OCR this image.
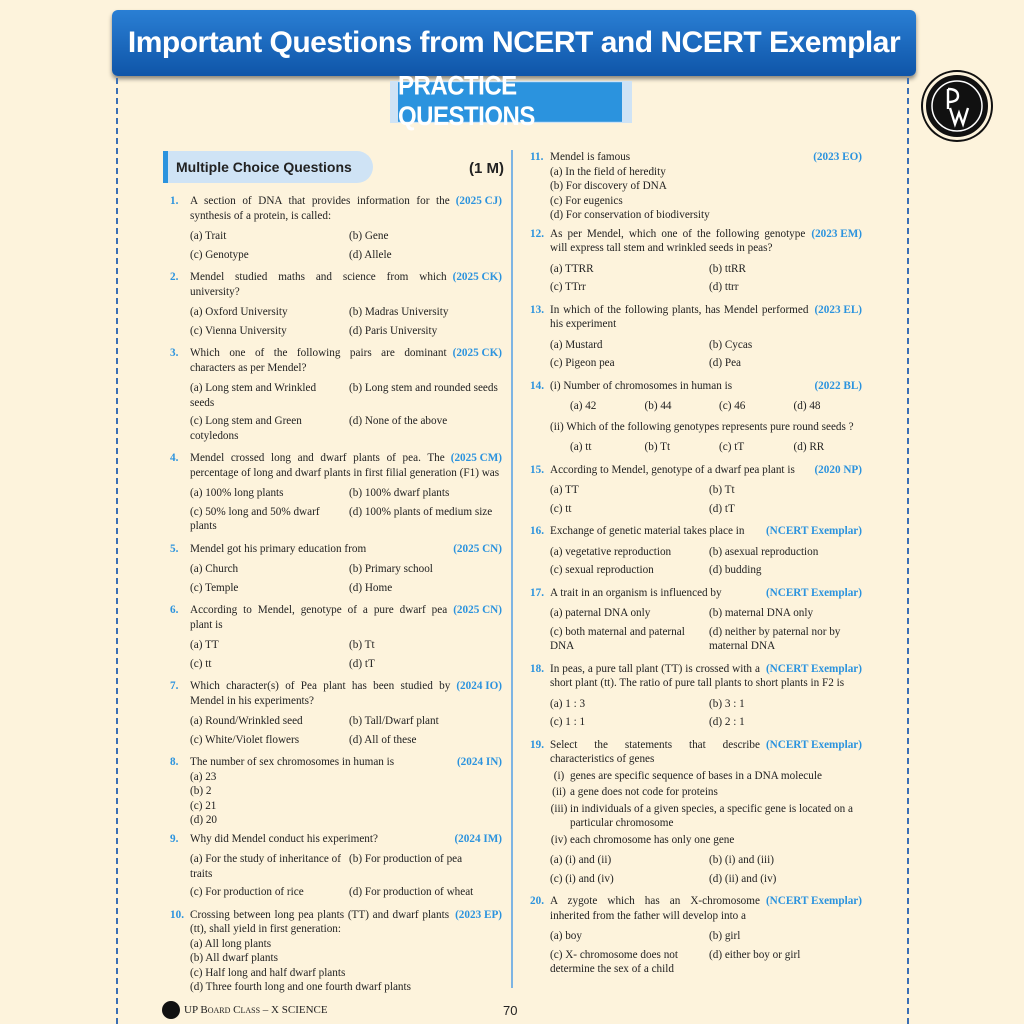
Important Questions from NCERT and NCERT Exemplar
PRACTICE QUESTIONS
Multiple Choice Questions	(1 M)
1.	(2025 CJ)
A section of DNA that provides information for the synthesis of a protein, is called:
(a) Trait	(b) Gene
(c) Genotype	(d) Allele
2.	(2025 CK)
Mendel studied maths and science from which university?
(a) Oxford University	(b) Madras University
(c) Vienna University	(d) Paris University
3.	(2025 CK)
Which one of the following pairs are dominant characters as per Mendel?
(a) Long stem and Wrinkled seeds
(b) Long stem and rounded seeds
(c) Long stem and Green cotyledons
(d) None of the above
4.	(2025 CM)
Mendel crossed long and dwarf plants of pea. The percentage of long and dwarf plants in first filial generation (F1) was
(a) 100% long plants	(b) 100% dwarf plants
(c) 50% long and 50% dwarf plants
(d) 100% plants of medium size
5.	(2025 CN)
Mendel got his primary education from
(a) Church	(b) Primary school
(c) Temple	(d) Home
6.	(2025 CN)
According to Mendel, genotype of a pure dwarf pea plant is
(a) TT	(b) Tt
(c) tt	(d) tT
7.	(2024 IO)
Which character(s) of Pea plant has been studied by Mendel in his experiments?
(a) Round/Wrinkled seed	(b) Tall/Dwarf plant
(c) White/Violet flowers	(d) All of these
8.	(2024 IN)
The number of sex chromosomes in human is
(a) 23
(b) 2
(c) 21
(d) 20
9.	(2024 IM)
Why did Mendel conduct his experiment?
(a) For the study of inheritance of traits
(b) For production of pea
(c) For production of rice	(d) For production of wheat
10.	(2023 EP)
Crossing between long pea plants (TT) and dwarf plants (tt), shall yield in first generation:
(a) All long plants
(b) All dwarf plants
(c) Half long and half dwarf plants
(d) Three fourth long and one fourth dwarf plants
11.	(2023 EO)
Mendel is famous
(a) In the field of heredity
(b) For discovery of DNA
(c) For eugenics
(d) For conservation of biodiversity
12.	(2023 EM)
As per Mendel, which one of the following genotype will express tall stem and wrinkled seeds in peas?
(a) TTRR	(b) ttRR
(c) TTrr	(d) ttrr
13.	(2023 EL)
In which of the following plants, has Mendel performed his experiment
(a) Mustard	(b) Cycas
(c) Pigeon pea	(d) Pea
14.	(2022 BL)
(i) Number of chromosomes in human is
(a) 42	(b) 44	(c) 46	(d) 48
(ii) Which of the following genotypes represents pure round seeds ?
(a) tt	(b) Tt	(c) tT	(d) RR
15.	(2020 NP)
According to Mendel, genotype of a dwarf pea plant is
(a) TT	(b) Tt
(c) tt	(d) tT
16.	(NCERT Exemplar)
Exchange of genetic material takes place in
(a) vegetative reproduction	(b) asexual reproduction
(c) sexual reproduction	(d) budding
17.	(NCERT Exemplar)
A trait in an organism is influenced by
(a) paternal DNA only	(b) maternal DNA only
(c) both maternal and paternal DNA
(d) neither by paternal nor by maternal DNA
18.	(NCERT Exemplar)
In peas, a pure tall plant (TT) is crossed with a short plant (tt). The ratio of pure tall plants to short plants in F2 is
(a) 1 : 3	(b) 3 : 1
(c) 1 : 1	(d) 2 : 1
19.	(NCERT Exemplar)
Select the statements that describe characteristics of genes
(i) genes are specific sequence of bases in a DNA molecule
(ii) a gene does not code for proteins
(iii) in individuals of a given species, a specific gene is located on a particular chromosome
(iv) each chromosome has only one gene
(a) (i) and (ii)	(b) (i) and (iii)
(c) (i) and (iv)	(d) (ii) and (iv)
20.	(NCERT Exemplar)
A zygote which has an X-chromosome inherited from the father will develop into a
(a) boy	(b) girl
(c) X- chromosome does not determine the sex of a child
(d) either boy or girl
UP Board Class – X SCIENCE	70
